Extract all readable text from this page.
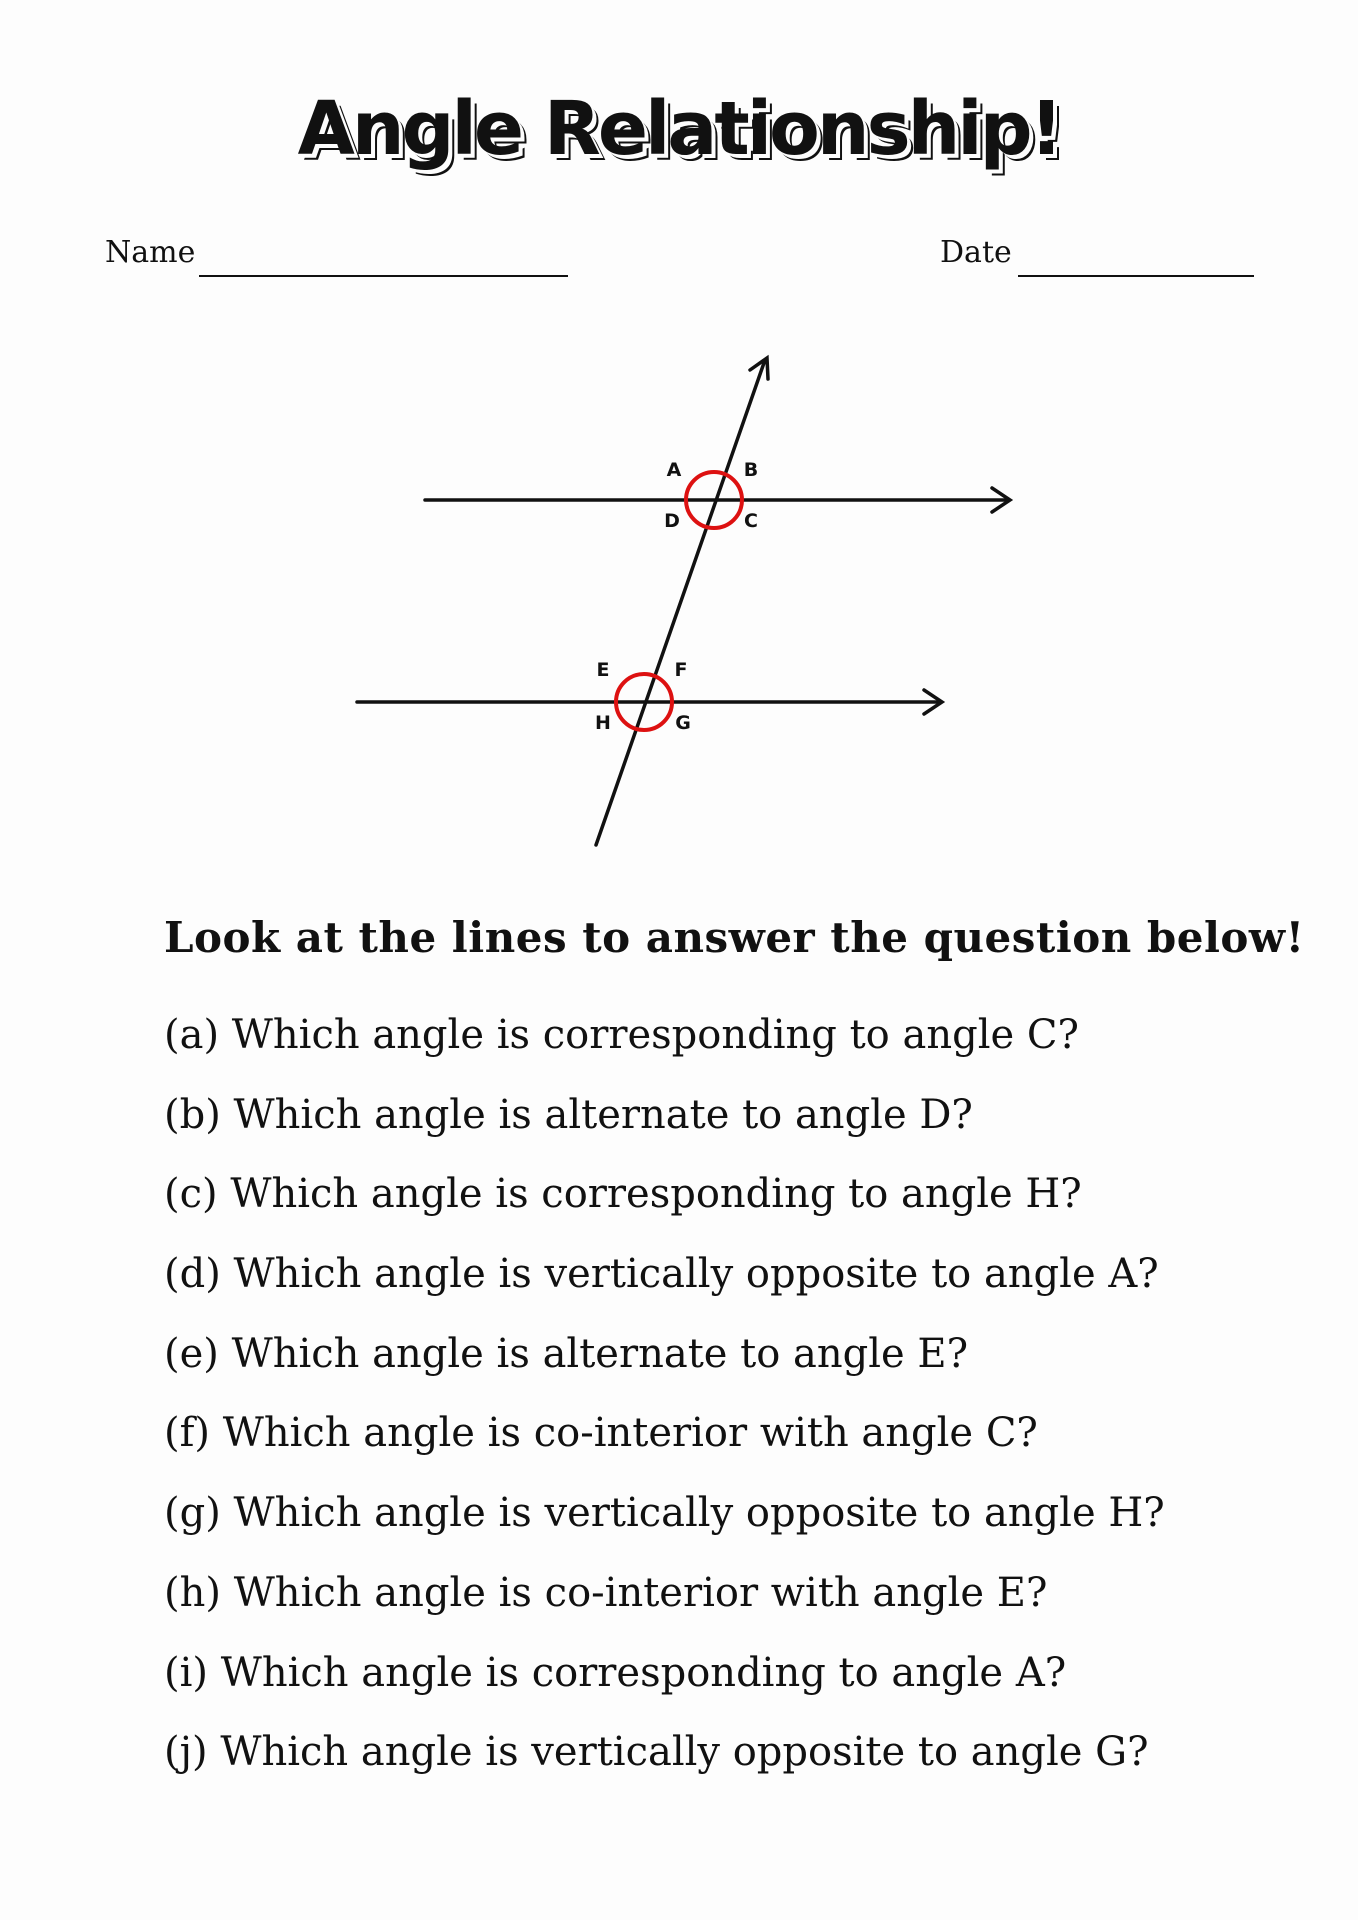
Angle Relationship!
Name	Date
A	B
C
D
E	F
G
H
Look at the lines to answer the question below!
(a) Which angle is corresponding to angle C?
(b) Which angle is alternate to angle D?
(c) Which angle is corresponding to angle H?
(d) Which angle is vertically opposite to angle A?
(e) Which angle is alternate to angle E?
(f) Which angle is co-interior with angle C?
(g) Which angle is vertically opposite to angle H?
(h) Which angle is co-interior with angle E?
(i) Which angle is corresponding to angle A?
(j) Which angle is vertically opposite to angle G?
